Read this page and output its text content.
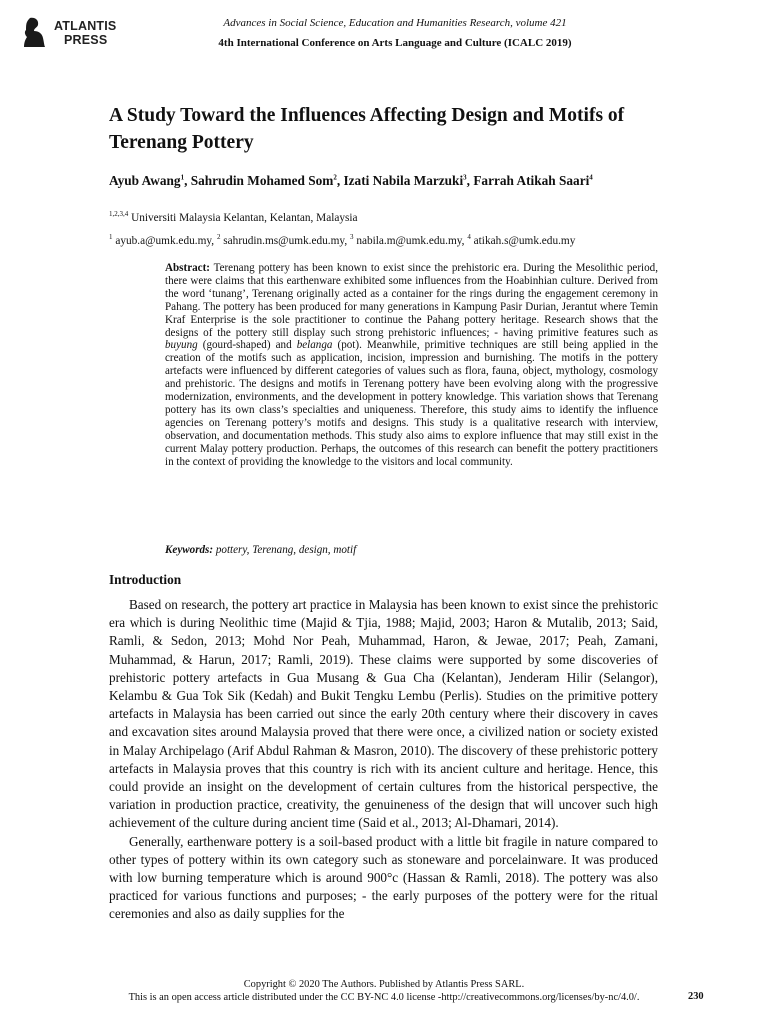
ATLANTIS
PRESS
Advances in Social Science, Education and Humanities Research, volume 421
4th International Conference on Arts Language and Culture (ICALC 2019)
A Study Toward the Influences Affecting Design and Motifs of Terenang Pottery
Ayub Awang$^1$, Sahrudin Mohamed Som$^2$, Izati Nabila Marzuki$^3$, Farrah Atikah Saari$^4$
$^{1,2,3,4}$ Universiti Malaysia Kelantan, Kelantan, Malaysia
$^1$ ayub.a@umk.edu.my, $^2$ sahrudin.ms@umk.edu.my, $^3$ nabila.m@umk.edu.my, $^4$ atikah.s@umk.edu.my
Abstract: Terenang pottery has been known to exist since the prehistoric era. During the Mesolithic period, there were claims that this earthenware exhibited some influences from the Hoabinhian culture. Derived from the word ‘tunang’, Terenang originally acted as a container for the rings during the engagement ceremony in Pahang. The pottery has been produced for many generations in Kampung Pasir Durian, Jerantut where Temin Kraf Enterprise is the sole practitioner to continue the Pahang pottery heritage. Research shows that the designs of the pottery still display such strong prehistoric influences; - having primitive features such as buyung (gourd-shaped) and belanga (pot). Meanwhile, primitive techniques are still being applied in the creation of the motifs such as application, incision, impression and burnishing. The motifs in the pottery artefacts were influenced by different categories of values such as flora, fauna, object, mythology, cosmology and prehistoric. The designs and motifs in Terenang pottery have been evolving along with the progressive modernization, environments, and the development in pottery knowledge. This variation shows that Terenang pottery has its own class’s specialties and uniqueness. Therefore, this study aims to identify the influence agencies on Terenang pottery’s motifs and designs. This study is a qualitative research with interview, observation, and documentation methods. This study also aims to explore influence that may still exist in the current Malay pottery production. Perhaps, the outcomes of this research can benefit the pottery practitioners in the context of providing the knowledge to the visitors and local community.
Keywords: pottery, Terenang, design, motif
Introduction

Based on research, the pottery art practice in Malaysia has been known to exist since the prehistoric era which is during Neolithic time (Majid & Tjia, 1988; Majid, 2003; Haron & Mutalib, 2013; Said, Ramli, & Sedon, 2013; Mohd Nor Peah, Muhammad, Haron, & Jewae, 2017; Peah, Zamani, Muhammad, & Harun, 2017; Ramli, 2019). These claims were supported by some discoveries of prehistoric pottery artefacts in Gua Musang & Gua Cha (Kelantan), Jenderam Hilir (Selangor), Kelambu & Gua Tok Sik (Kedah) and Bukit Tengku Lembu (Perlis). Studies on the primitive pottery artefacts in Malaysia has been carried out since the early 20th century where their discovery in caves and excavation sites around Malaysia proved that there were once, a civilized nation or society existed in Malay Archipelago (Arif Abdul Rahman & Masron, 2010). The discovery of these prehistoric pottery artefacts in Malaysia proves that this country is rich with its ancient culture and heritage. Hence, this could provide an insight on the development of certain cultures from the historical perspective, the variation in production practice, creativity, the genuineness of the design that will uncover such high achievement of the culture during ancient time (Said et al., 2013; Al-Dhamari, 2014).

Generally, earthenware pottery is a soil-based product with a little bit fragile in nature compared to other types of pottery within its own category such as stoneware and porcelainware. It was produced with low burning temperature which is around 900°c (Hassan & Ramli, 2018). The pottery was also practiced for various functions and purposes; - the early purposes of the pottery were for the ritual ceremonies and also as daily supplies for the

Copyright © 2020 The Authors. Published by Atlantis Press SARL.
This is an open access article distributed under the CC BY-NC 4.0 license -http://creativecommons.org/licenses/by-nc/4.0/.	230
